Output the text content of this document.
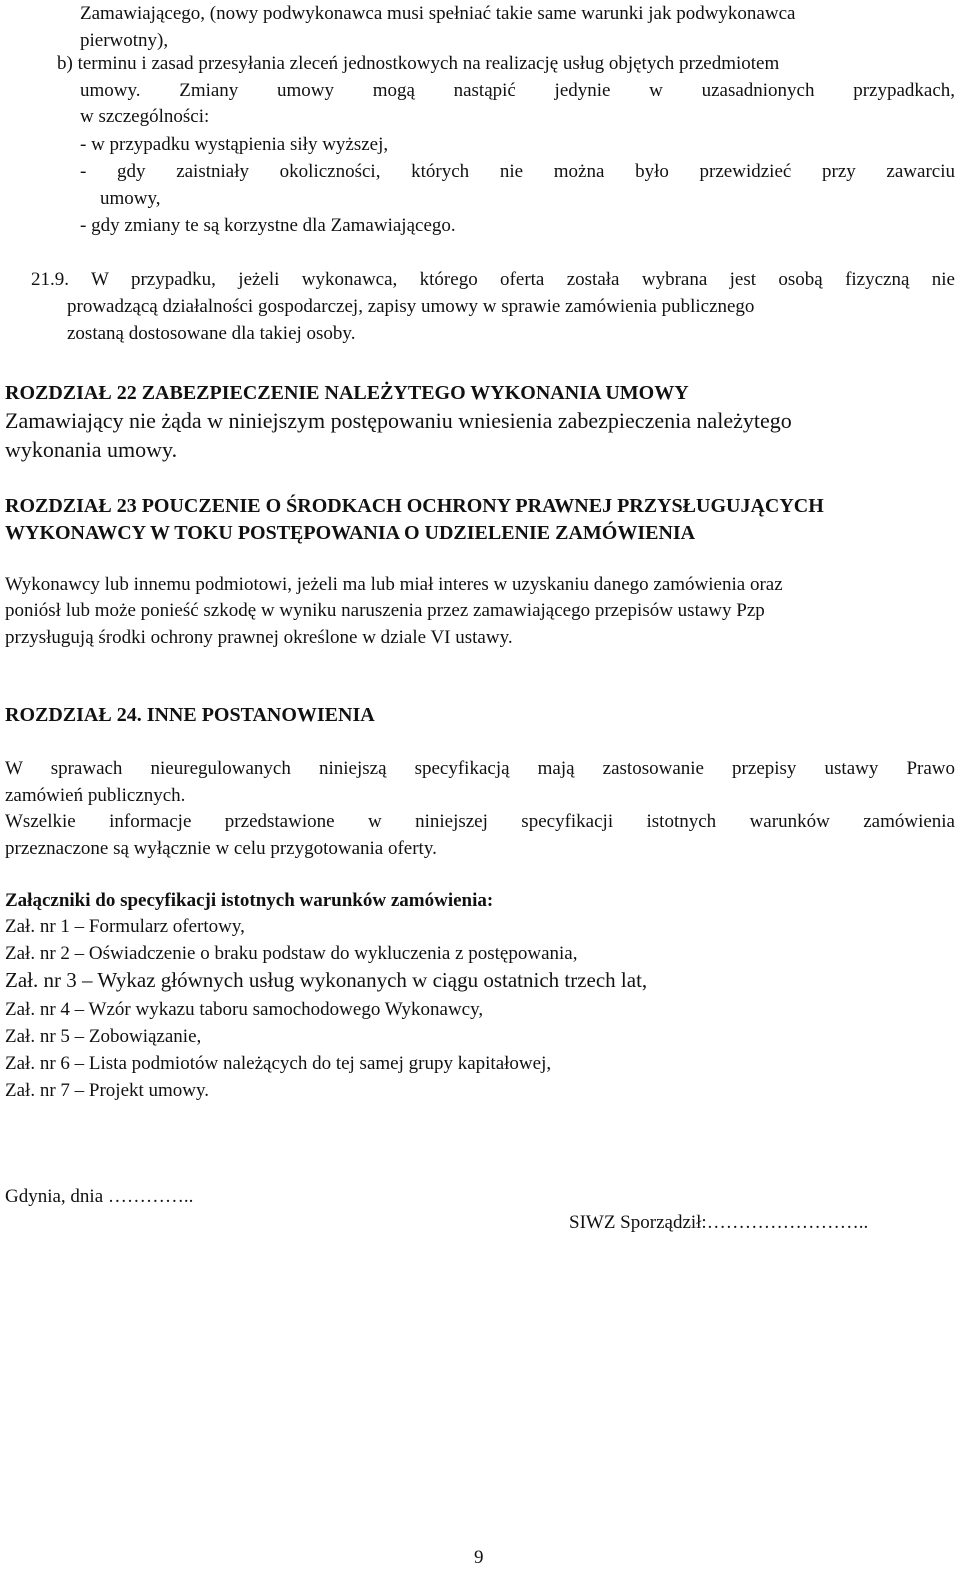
Zamawiającego, (nowy podwykonawca musi spełniać takie same warunki jak podwykonawca
pierwotny),
b) terminu i zasad przesyłania zleceń jednostkowych na realizację usług objętych przedmiotem
umowy. Zmiany umowy mogą nastąpić jedynie w uzasadnionych przypadkach,
w szczególności:
- w przypadku wystąpienia siły wyższej,
- gdy zaistniały okoliczności, których nie można było przewidzieć przy zawarciu
umowy,
- gdy zmiany te są korzystne dla Zamawiającego.
21.9. W przypadku, jeżeli wykonawca, którego oferta została wybrana jest osobą fizyczną nie
prowadzącą działalności gospodarczej, zapisy umowy w sprawie zamówienia publicznego
zostaną dostosowane dla takiej osoby.
ROZDZIAŁ 22 ZABEZPIECZENIE NALEŻYTEGO WYKONANIA UMOWY
Zamawiający nie żąda w niniejszym postępowaniu wniesienia zabezpieczenia należytego
wykonania umowy.
ROZDZIAŁ 23 POUCZENIE O ŚRODKACH OCHRONY PRAWNEJ PRZYSŁUGUJĄCYCH
WYKONAWCY W TOKU POSTĘPOWANIA O UDZIELENIE ZAMÓWIENIA
Wykonawcy lub innemu podmiotowi, jeżeli ma lub miał interes w uzyskaniu danego zamówienia oraz
poniósł lub może ponieść szkodę w wyniku naruszenia przez zamawiającego przepisów ustawy Pzp
przysługują środki ochrony prawnej określone w dziale VI ustawy.
ROZDZIAŁ 24. INNE POSTANOWIENIA
W sprawach nieuregulowanych niniejszą specyfikacją mają zastosowanie przepisy ustawy Prawo
zamówień publicznych.
Wszelkie informacje przedstawione w niniejszej specyfikacji istotnych warunków zamówienia
przeznaczone są wyłącznie w celu przygotowania oferty.
Załączniki do specyfikacji istotnych warunków zamówienia:
Zał. nr 1 – Formularz ofertowy,
Zał. nr 2 – Oświadczenie o braku podstaw do wykluczenia z postępowania,
Zał. nr 3 – Wykaz głównych usług wykonanych w ciągu ostatnich trzech lat,
Zał. nr 4 – Wzór wykazu taboru samochodowego Wykonawcy,
Zał. nr 5 – Zobowiązanie,
Zał. nr 6 – Lista podmiotów należących do tej samej grupy kapitałowej,
Zał. nr 7 – Projekt umowy.
Gdynia, dnia …………..
SIWZ Sporządził:……………………..
9
